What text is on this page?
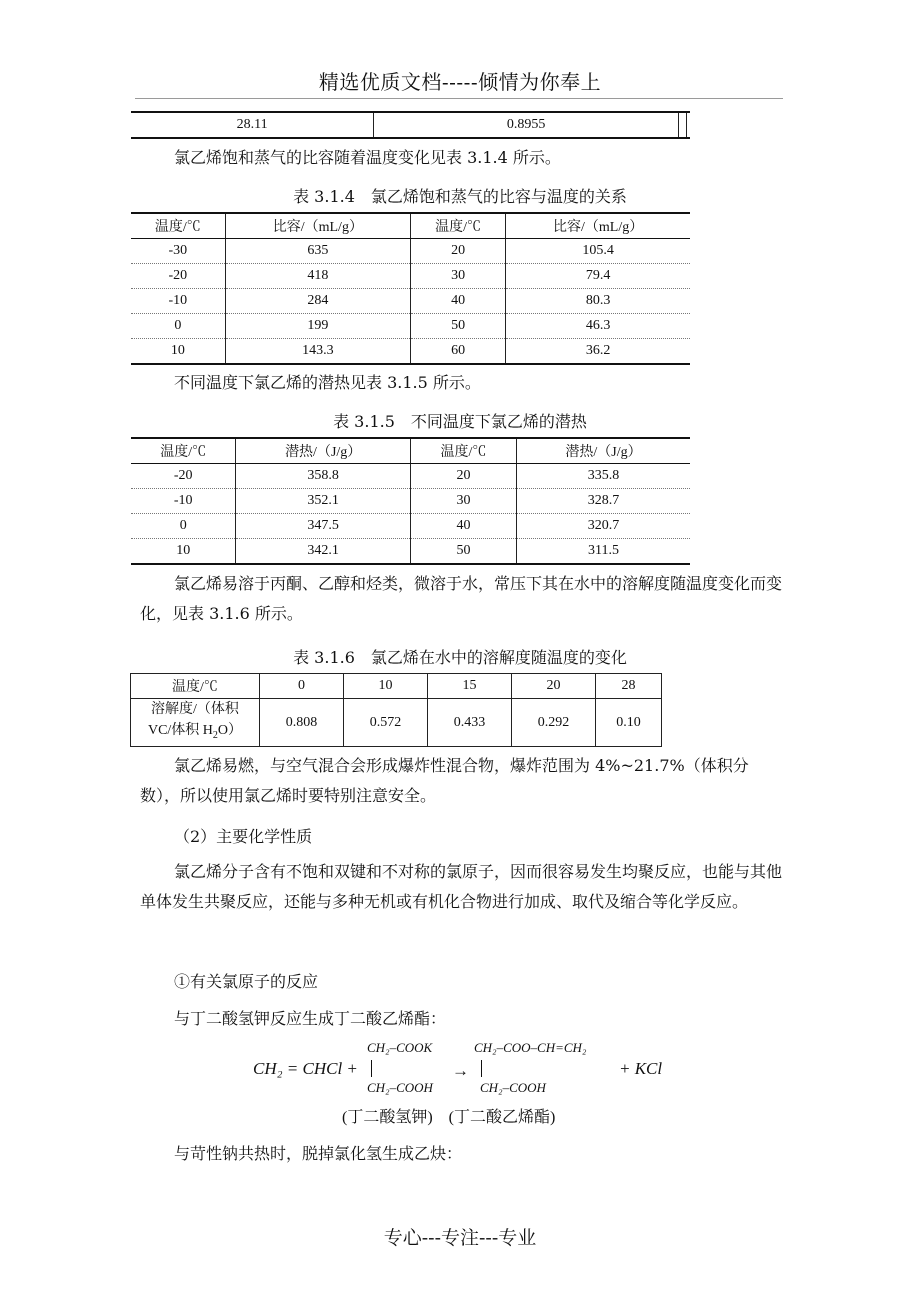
精选优质文档-----倾情为你奉上
28.11	0.8955		

氯乙烯饱和蒸气的比容随着温度变化见表 3.1.4 所示。

表 3.1.4　氯乙烯饱和蒸气的比容与温度的关系
温度/℃	比容/（mL/g）	温度/℃	比容/（mL/g）
-30	635	20	105.4
-20	418	30	79.4
-10	284	40	80.3
0	199	50	46.3
10	143.3	60	36.2

不同温度下氯乙烯的潜热见表 3.1.5 所示。

表 3.1.5　不同温度下氯乙烯的潜热
温度/℃	潜热/（J/g）	温度/℃	潜热/（J/g）
-20	358.8	20	335.8
-10	352.1	30	328.7
0	347.5	40	320.7
10	342.1	50	311.5

氯乙烯易溶于丙酮、乙醇和烃类，微溶于水，常压下其在水中的溶解度随温度变化而变化，见表 3.1.6 所示。

表 3.1.6　氯乙烯在水中的溶解度随温度的变化
温度/℃	0	10	15	20	28
溶解度/（体积
VC/体积 $H_2O$）	0.808	0.572	0.433	0.292	0.10

氯乙烯易燃，与空气混合会形成爆炸性混合物，爆炸范围为 4%~21.7%（体积分数），所以使用氯乙烯时要特别注意安全。

（2）主要化学性质

氯乙烯分子含有不饱和双键和不对称的氯原子，因而很容易发生均聚反应，也能与其他单体发生共聚反应，还能与多种无机或有机化合物进行加成、取代及缩合等化学反应。

①有关氯原子的反应

与丁二酸氢钾反应生成丁二酸乙烯酯：

CH₂ = CHCl +
CH₂–COOK
CH₂–COOH
→
CH₂–COO–CH=CH₂
CH₂–COOH
+ KCl
(丁二酸氢钾)　(丁二酸乙烯酯)

与苛性钠共热时，脱掉氯化氢生成乙炔：

专心---专注---专业
